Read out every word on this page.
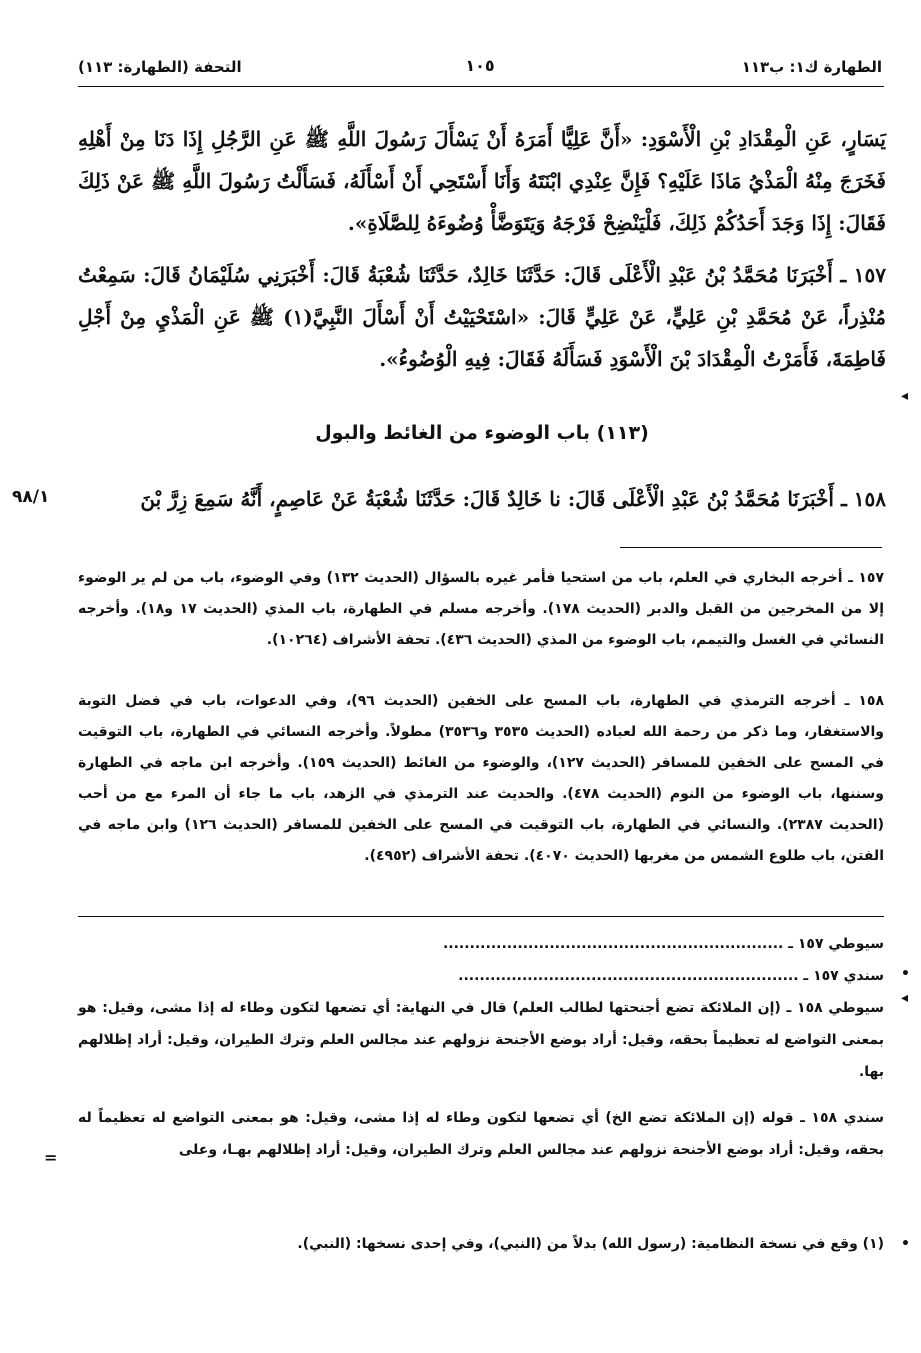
الطهارة ك١: ب١١٣
١٠٥
التحفة (الطهارة: ١١٣)

يَسَارٍ، عَنِ الْمِقْدَادِ بْنِ الْأَسْوَدِ: «أَنَّ عَلِيًّا أَمَرَهُ أَنْ يَسْأَلَ رَسُولَ اللَّهِ ﷺ عَنِ الرَّجُلِ إِذَا دَنَا مِنْ أَهْلِهِ فَخَرَجَ مِنْهُ الْمَذْيُ مَاذَا عَلَيْهِ؟ فَإِنَّ عِنْدِي ابْنَتَهُ وَأَنَا أَسْتَحِي أَنْ أَسْأَلَهُ، فَسَأَلْتُ رَسُولَ اللَّهِ ﷺ عَنْ ذَلِكَ فَقَالَ: إِذَا وَجَدَ أَحَدُكُمْ ذَلِكَ، فَلْيَنْضِحْ فَرْجَهُ وَيَتَوَضَّأْ وُضُوءَهُ لِلصَّلَاةِ».

١٥٧ ـ أَخْبَرَنَا مُحَمَّدُ بْنُ عَبْدِ الْأَعْلَى قَالَ: حَدَّثَنَا خَالِدٌ، حَدَّثَنَا شُعْبَةُ قَالَ: أَخْبَرَنِي سُلَيْمَانُ قَالَ: سَمِعْتُ مُنْذِراً، عَنْ مُحَمَّدِ بْنِ عَلِيٍّ، عَنْ عَلِيٍّ قَالَ: «اسْتَحْيَيْتُ أَنْ أَسْأَلَ النَّبِيَّ(١) ﷺ عَنِ الْمَذْيِ مِنْ أَجْلِ فَاطِمَةَ، فَأَمَرْتُ الْمِقْدَادَ بْنَ الْأَسْوَدِ فَسَأَلَهُ فَقَالَ: فِيهِ الْوُضُوءُ».

(١١٣) باب الوضوء من الغائط والبول

١٥٨ ـ أَخْبَرَنَا مُحَمَّدُ بْنُ عَبْدِ الْأَعْلَى قَالَ: نا خَالِدٌ قَالَ: حَدَّثَنَا شُعْبَةُ عَنْ عَاصِمٍ، أَنَّهُ سَمِعَ زِرَّ بْنَ

٩٨/١

١٥٧ ـ أخرجه البخاري في العلم، باب من استحيا فأمر غيره بالسؤال (الحديث ١٣٢) وفي الوضوء، باب من لم ير الوضوء إلا من المخرجين من القبل والدبر (الحديث ١٧٨). وأخرجه مسلم في الطهارة، باب المذي (الحديث ١٧ و١٨). وأخرجه النسائي في الغسل والتيمم، باب الوضوء من المذي (الحديث ٤٣٦). تحفة الأشراف (١٠٢٦٤).

١٥٨ ـ أخرجه الترمذي في الطهارة، باب المسح على الخفين (الحديث ٩٦)، وفي الدعوات، باب في فضل التوبة والاستغفار، وما ذكر من رحمة الله لعباده (الحديث ٣٥٣٥ و٣٥٣٦) مطولاً. وأخرجه النسائي في الطهارة، باب التوقيت في المسح على الخفين للمسافر (الحديث ١٢٧)، والوضوء من الغائط (الحديث ١٥٩). وأخرجه ابن ماجه في الطهارة وسننها، باب الوضوء من النوم (الحديث ٤٧٨). والحديث عند الترمذي في الزهد، باب ما جاء أن المرء مع من أحب (الحديث ٢٣٨٧). والنسائي في الطهارة، باب التوقيت في المسح على الخفين للمسافر (الحديث ١٢٦) وابن ماجه في الفتن، باب طلوع الشمس من مغربها (الحديث ٤٠٧٠). تحفة الأشراف (٤٩٥٢).

سيوطي ١٥٧ ـ ................................................................

سندي ١٥٧ ـ ................................................................

سيوطي ١٥٨ ـ (إن الملائكة تضع أجنحتها لطالب العلم) قال في النهاية: أي تضعها لتكون وطاء له إذا مشى، وقيل: هو بمعنى التواضع له تعظيماً بحقه، وقيل: أراد بوضع الأجنحة نزولهم عند مجالس العلم وترك الطيران، وقيل: أراد إظلالهم بها.

سندي ١٥٨ ـ قوله (إن الملائكة تضع الخ) أي تضعها لتكون وطاء له إذا مشى، وقيل: هو بمعنى التواضع له تعظيماً له بحقه، وقيل: أراد بوضع الأجنحة نزولهم عند مجالس العلم وترك الطيران، وقيل: أراد إظلالهم بهـا، وعلى

=
(١) وقع في نسخة النظامية: (رسول الله) بدلاً من (النبي)، وفي إحدى نسخها: (النبي).
◂
•
◂
•
